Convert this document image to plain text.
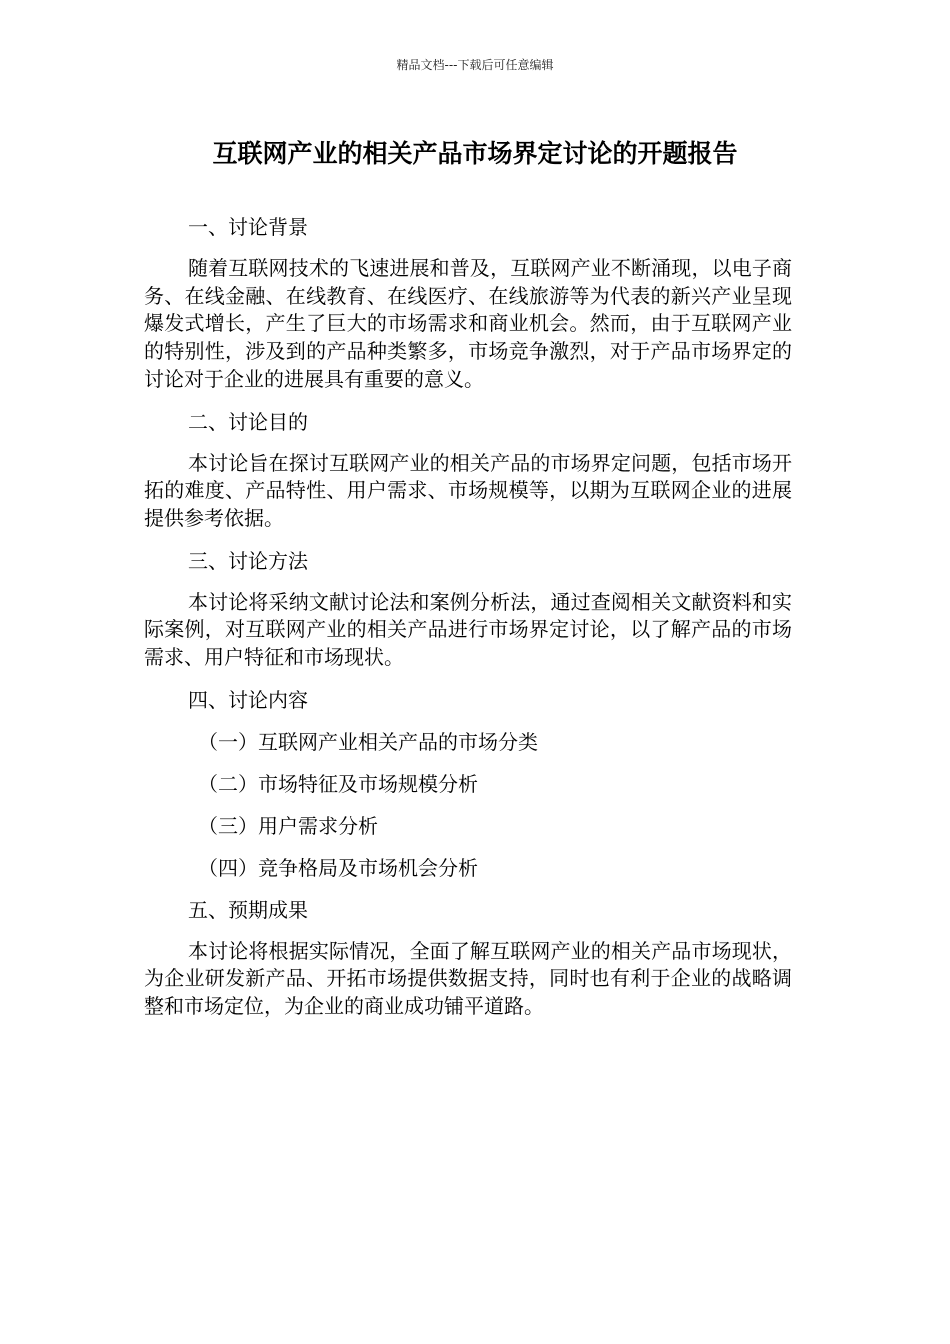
精品文档---下载后可任意编辑
互联网产业的相关产品市场界定讨论的开题报告
一、讨论背景

随着互联网技术的飞速进展和普及，互联网产业不断涌现，以电子商务、在线金融、在线教育、在线医疗、在线旅游等为代表的新兴产业呈现爆发式增长，产生了巨大的市场需求和商业机会。然而，由于互联网产业的特别性，涉及到的产品种类繁多，市场竞争激烈，对于产品市场界定的讨论对于企业的进展具有重要的意义。

二、讨论目的

本讨论旨在探讨互联网产业的相关产品的市场界定问题，包括市场开拓的难度、产品特性、用户需求、市场规模等，以期为互联网企业的进展提供参考依据。

三、讨论方法

本讨论将采纳文献讨论法和案例分析法，通过查阅相关文献资料和实际案例，对互联网产业的相关产品进行市场界定讨论，以了解产品的市场需求、用户特征和市场现状。

四、讨论内容
（一）互联网产业相关产品的市场分类
（二）市场特征及市场规模分析
（三）用户需求分析
（四）竞争格局及市场机会分析
五、预期成果

本讨论将根据实际情况，全面了解互联网产业的相关产品市场现状，为企业研发新产品、开拓市场提供数据支持，同时也有利于企业的战略调整和市场定位，为企业的商业成功铺平道路。
